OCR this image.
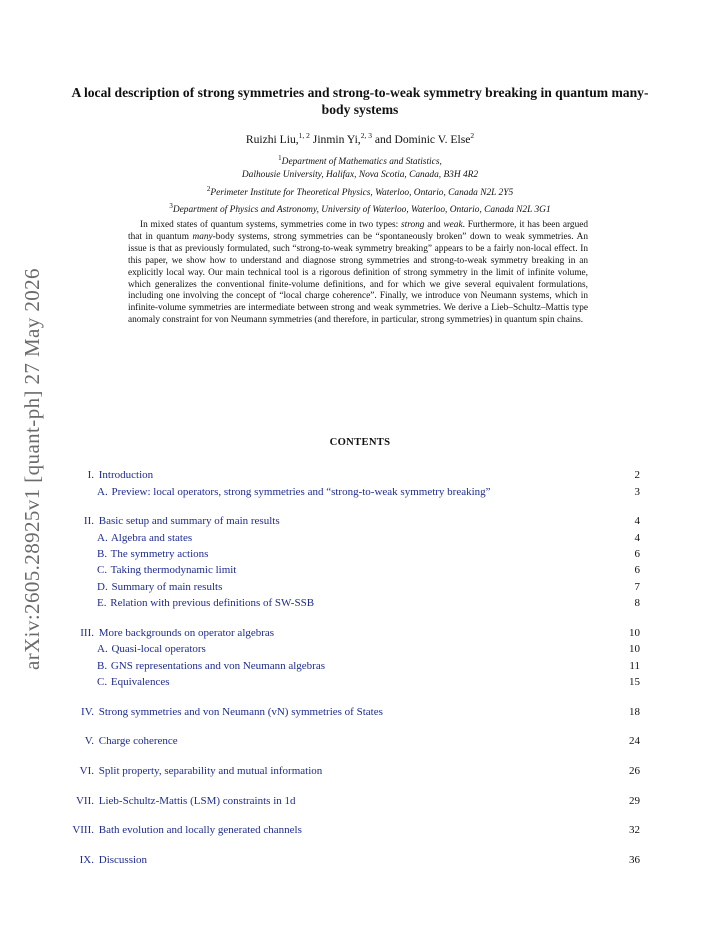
arXiv:2605.28925v1 [quant-ph] 27 May 2026
A local description of strong symmetries and strong-to-weak symmetry breaking in quantum many-body systems
Ruizhi Liu,$^{1, 2}$ Jinmin Yi,$^{2, 3}$ and Dominic V. Else$^2$
$^1$Department of Mathematics and Statistics,
Dalhousie University, Halifax, Nova Scotia, Canada, B3H 4R2
$^2$Perimeter Institute for Theoretical Physics, Waterloo, Ontario, Canada N2L 2Y5
$^3$Department of Physics and Astronomy, University of Waterloo, Waterloo, Ontario, Canada N2L 3G1
In mixed states of quantum systems, symmetries come in two types: strong and weak. Furthermore, it has been argued that in quantum many-body systems, strong symmetries can be “spontaneously broken” down to weak symmetries. An issue is that as previously formulated, such “strong-to-weak symmetry breaking” appears to be a fairly non-local effect. In this paper, we show how to understand and diagnose strong symmetries and strong-to-weak symmetry breaking in an explicitly local way. Our main technical tool is a rigorous definition of strong symmetry in the limit of infinite volume, which generalizes the conventional finite-volume definitions, and for which we give several equivalent formulations, including one involving the concept of “local charge coherence”. Finally, we introduce von Neumann systems, which in infinite-volume symmetries are intermediate between strong and weak symmetries. We derive a Lieb–Schultz–Mattis type anomaly constraint for von Neumann symmetries (and therefore, in particular, strong symmetries) in quantum spin chains.
CONTENTS
I. Introduction	2
A. Preview: local operators, strong symmetries and “strong-to-weak symmetry breaking”	3
II. Basic setup and summary of main results	4
A. Algebra and states	4
B. The symmetry actions	6
C. Taking thermodynamic limit	6
D. Summary of main results	7
E. Relation with previous definitions of SW-SSB	8
III. More backgrounds on operator algebras	10
A. Quasi-local operators	10
B. GNS representations and von Neumann algebras	11
C. Equivalences	15
IV. Strong symmetries and von Neumann (vN) symmetries of States	18
V. Charge coherence	24
VI. Split property, separability and mutual information	26
VII. Lieb-Schultz-Mattis (LSM) constraints in 1d	29
VIII. Bath evolution and locally generated channels	32
IX. Discussion	36
